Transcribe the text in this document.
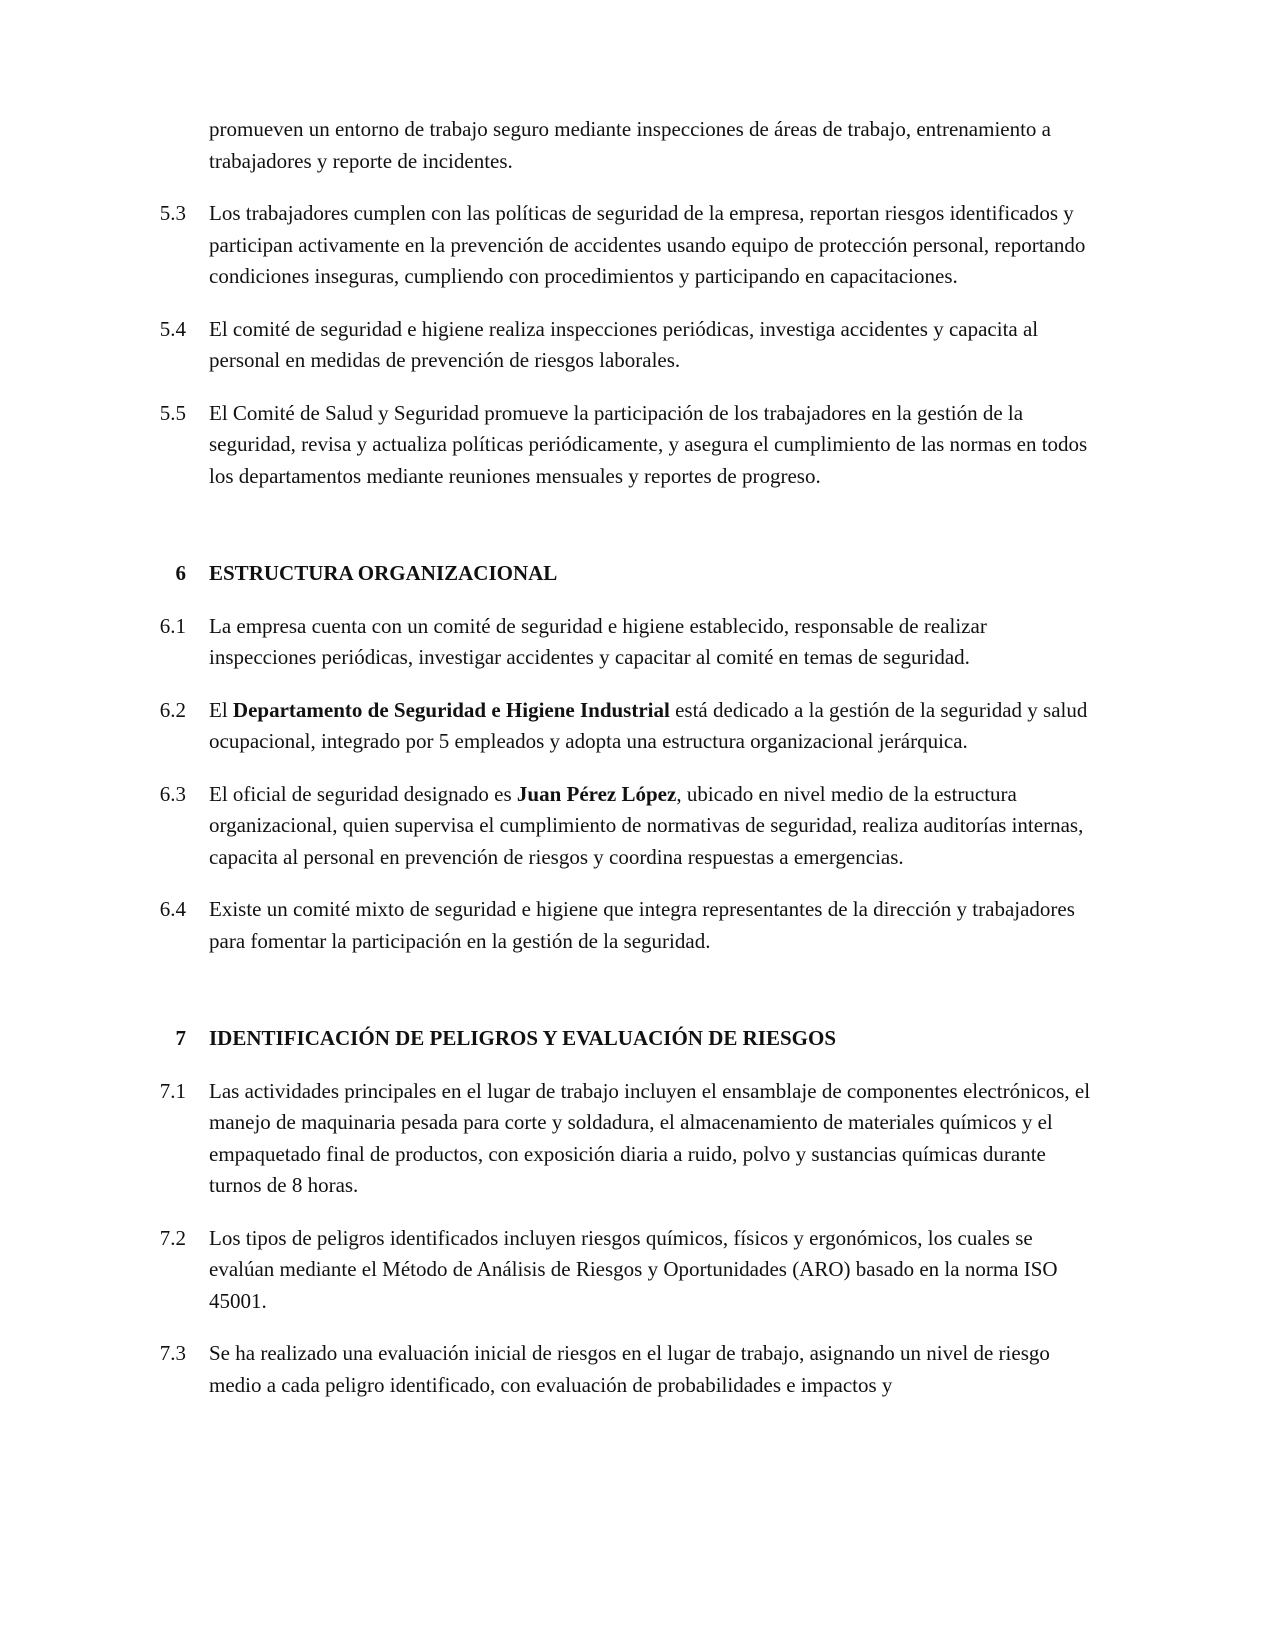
promueven un entorno de trabajo seguro mediante inspecciones de áreas de trabajo, entrenamiento a trabajadores y reporte de incidentes.
5.3 Los trabajadores cumplen con las políticas de seguridad de la empresa, reportan riesgos identificados y participan activamente en la prevención de accidentes usando equipo de protección personal, reportando condiciones inseguras, cumpliendo con procedimientos y participando en capacitaciones.
5.4 El comité de seguridad e higiene realiza inspecciones periódicas, investiga accidentes y capacita al personal en medidas de prevención de riesgos laborales.
5.5 El Comité de Salud y Seguridad promueve la participación de los trabajadores en la gestión de la seguridad, revisa y actualiza políticas periódicamente, y asegura el cumplimiento de las normas en todos los departamentos mediante reuniones mensuales y reportes de progreso.
6 ESTRUCTURA ORGANIZACIONAL
6.1 La empresa cuenta con un comité de seguridad e higiene establecido, responsable de realizar inspecciones periódicas, investigar accidentes y capacitar al comité en temas de seguridad.
6.2 El Departamento de Seguridad e Higiene Industrial está dedicado a la gestión de la seguridad y salud ocupacional, integrado por 5 empleados y adopta una estructura organizacional jerárquica.
6.3 El oficial de seguridad designado es Juan Pérez López, ubicado en nivel medio de la estructura organizacional, quien supervisa el cumplimiento de normativas de seguridad, realiza auditorías internas, capacita al personal en prevención de riesgos y coordina respuestas a emergencias.
6.4 Existe un comité mixto de seguridad e higiene que integra representantes de la dirección y trabajadores para fomentar la participación en la gestión de la seguridad.
7 IDENTIFICACIÓN DE PELIGROS Y EVALUACIÓN DE RIESGOS
7.1 Las actividades principales en el lugar de trabajo incluyen el ensamblaje de componentes electrónicos, el manejo de maquinaria pesada para corte y soldadura, el almacenamiento de materiales químicos y el empaquetado final de productos, con exposición diaria a ruido, polvo y sustancias químicas durante turnos de 8 horas.
7.2 Los tipos de peligros identificados incluyen riesgos químicos, físicos y ergonómicos, los cuales se evalúan mediante el Método de Análisis de Riesgos y Oportunidades (ARO) basado en la norma ISO 45001.
7.3 Se ha realizado una evaluación inicial de riesgos en el lugar de trabajo, asignando un nivel de riesgo medio a cada peligro identificado, con evaluación de probabilidades e impactos y
